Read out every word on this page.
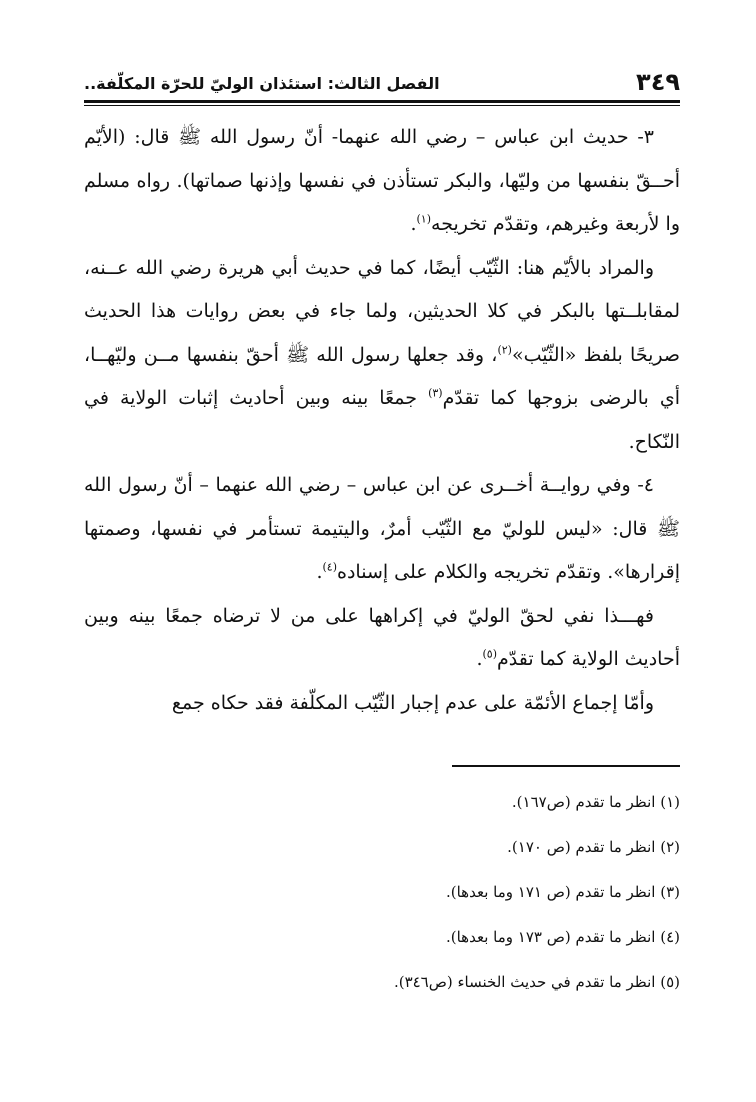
٣٤٩
الفصل الثالث: استئذان الوليّ للحرّة المكلّفة..

٣- حديث ابن عباس – رضي الله عنهما- أنّ رسول الله ﷺ قال: (الأيّم أحــقّ بنفسها من وليّها، والبكر تستأذن في نفسها وإذنها صماتها). رواه مسلم وا لأربعة وغيرهم، وتقدّم تخريجه$^{(١)}$.

والمراد بالأيّم هنا: الثّيّب أيضًا، كما في حديث أبي هريرة رضي الله عــنه، لمقابلــتها بالبكر في كلا الحديثين، ولما جاء في بعض روايات هذا الحديث صريحًا بلفظ «الثّيّب»$^{(٢)}$، وقد جعلها رسول الله ﷺ أحقّ بنفسها مــن وليّهــا، أي بالرضى بزوجها كما تقدّم$^{(٣)}$ جمعًا بينه وبين أحاديث إثبات الولاية في النّكاح.

٤- وفي روايــة أخــرى عن ابن عباس – رضي الله عنهما – أنّ رسول الله ﷺ قال: «ليس للوليّ مع الثّيّب أمرٌ، واليتيمة تستأمر في نفسها، وصمتها إقرارها». وتقدّم تخريجه والكلام على إسناده$^{(٤)}$.

فهـــذا نفي لحقّ الوليّ في إكراهها على من لا ترضاه جمعًا بينه وبين أحاديث الولاية كما تقدّم$^{(٥)}$.

وأمّا إجماع الأئمّة على عدم إجبار الثّيّب المكلّفة فقد حكاه جمع

(١) انظر ما تقدم (ص١٦٧).
(٢) انظر ما تقدم (ص ١٧٠).
(٣) انظر ما تقدم (ص ١٧١ وما بعدها).
(٤) انظر ما تقدم (ص ١٧٣ وما بعدها).
(٥) انظر ما تقدم في حديث الخنساء (ص٣٤٦).
